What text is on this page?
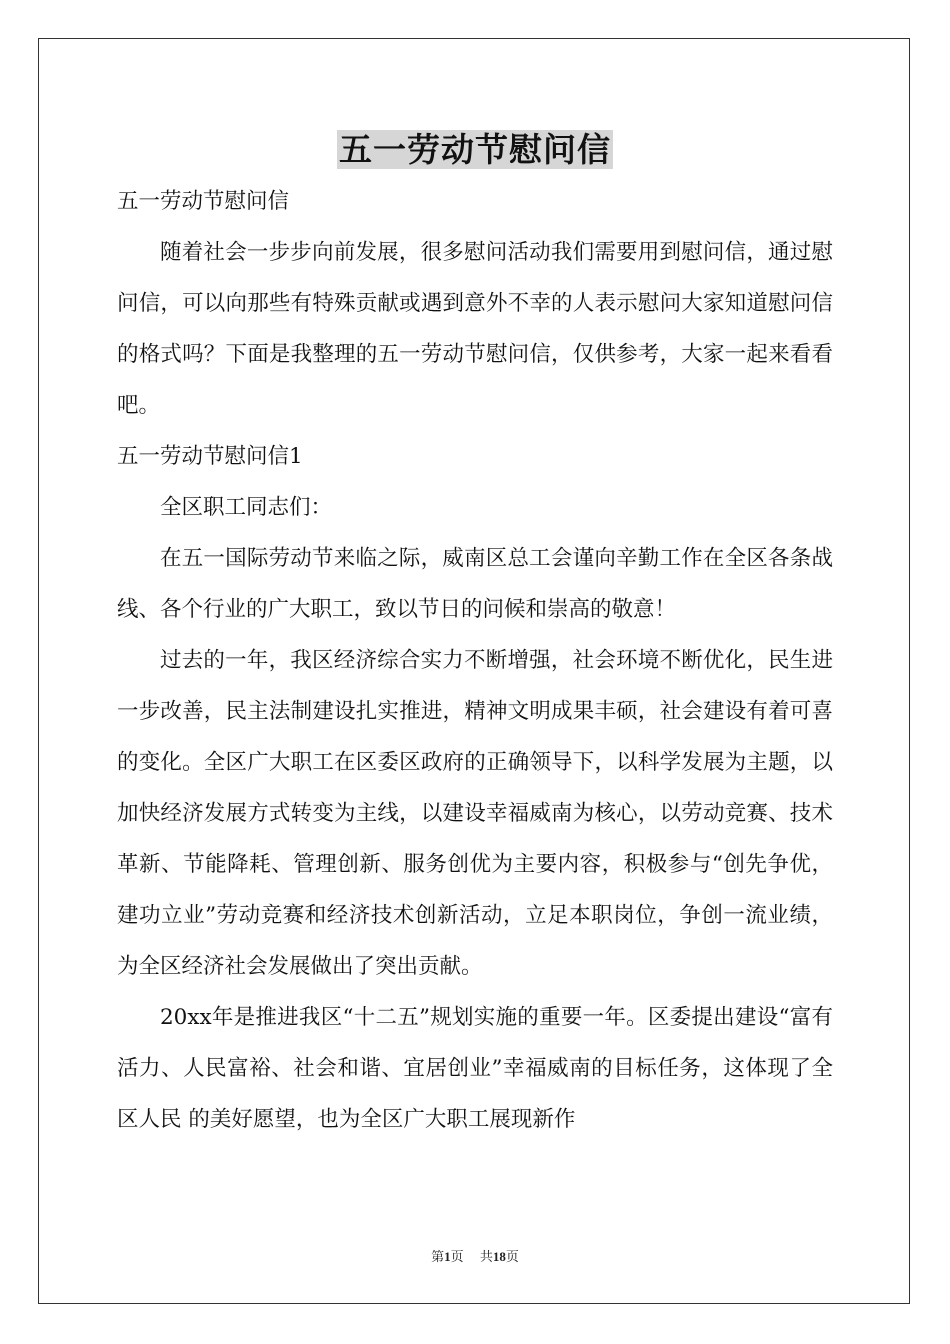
五一劳动节慰问信

五一劳动节慰问信

随着社会一步步向前发展，很多慰问活动我们需要用到慰问信，通过慰问信，可以向那些有特殊贡献或遇到意外不幸的人表示慰问大家知道慰问信的格式吗？下面是我整理的五一劳动节慰问信，仅供参考，大家一起来看看吧。

五一劳动节慰问信1

全区职工同志们：

在五一国际劳动节来临之际，威南区总工会谨向辛勤工作在全区各条战线、各个行业的广大职工，致以节日的问候和崇高的敬意！

过去的一年，我区经济综合实力不断增强，社会环境不断优化，民生进一步改善，民主法制建设扎实推进，精神文明成果丰硕，社会建设有着可喜的变化。全区广大职工在区委区政府的正确领导下，以科学发展为主题，以加快经济发展方式转变为主线，以建设幸福威南为核心，以劳动竞赛、技术革新、节能降耗、管理创新、服务创优为主要内容，积极参与“创先争优，建功立业”劳动竞赛和经济技术创新活动，立足本职岗位，争创一流业绩，为全区经济社会发展做出了突出贡献。

20xx年是推进我区“十二五”规划实施的重要一年。区委提出建设“富有活力、人民富裕、社会和谐、宜居创业”幸福威南的目标任务，这体现了全区人民 的美好愿望，也为全区广大职工展现新作

第1页 共18页
